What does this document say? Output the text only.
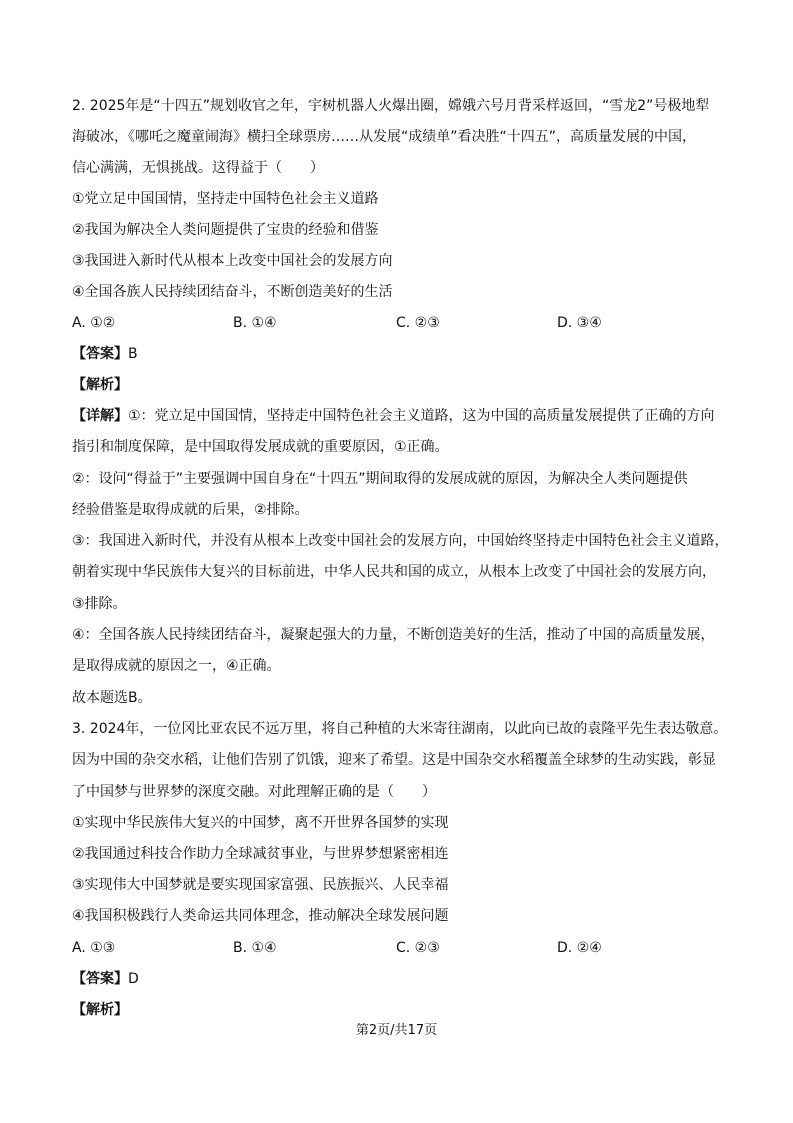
2. 2025年是“十四五”规划收官之年，宇树机器人火爆出圈，嫦娥六号月背采样返回，“雪龙2”号极地犁
海破冰，《哪吒之魔童闹海》横扫全球票房……从发展“成绩单”看决胜“十四五”，高质量发展的中国，
信心满满，无惧挑战。这得益于（　　）
①党立足中国国情，坚持走中国特色社会主义道路
②我国为解决全人类问题提供了宝贵的经验和借鉴
③我国进入新时代从根本上改变中国社会的发展方向
④全国各族人民持续团结奋斗，不断创造美好的生活
A. ①②	B. ①④	C. ②③	D. ③④
【答案】B
【解析】
【详解】①：党立足中国国情，坚持走中国特色社会主义道路，这为中国的高质量发展提供了正确的方向
指引和制度保障，是中国取得发展成就的重要原因，①正确。
②：设问“得益于”主要强调中国自身在“十四五”期间取得的发展成就的原因，为解决全人类问题提供
经验借鉴是取得成就的后果，②排除。
③：我国进入新时代，并没有从根本上改变中国社会的发展方向，中国始终坚持走中国特色社会主义道路，
朝着实现中华民族伟大复兴的目标前进，中华人民共和国的成立，从根本上改变了中国社会的发展方向，
③排除。
④：全国各族人民持续团结奋斗，凝聚起强大的力量，不断创造美好的生活，推动了中国的高质量发展，
是取得成就的原因之一，④正确。
故本题选B。
3. 2024年，一位冈比亚农民不远万里，将自己种植的大米寄往湖南，以此向已故的袁隆平先生表达敬意。
因为中国的杂交水稻，让他们告别了饥饿，迎来了希望。这是中国杂交水稻覆盖全球梦的生动实践，彰显
了中国梦与世界梦的深度交融。对此理解正确的是（　　）
①实现中华民族伟大复兴的中国梦，离不开世界各国梦的实现
②我国通过科技合作助力全球减贫事业，与世界梦想紧密相连
③实现伟大中国梦就是要实现国家富强、民族振兴、人民幸福
④我国积极践行人类命运共同体理念，推动解决全球发展问题
A. ①③	B. ①④	C. ②③	D. ②④
【答案】D
【解析】
第2页/共17页
